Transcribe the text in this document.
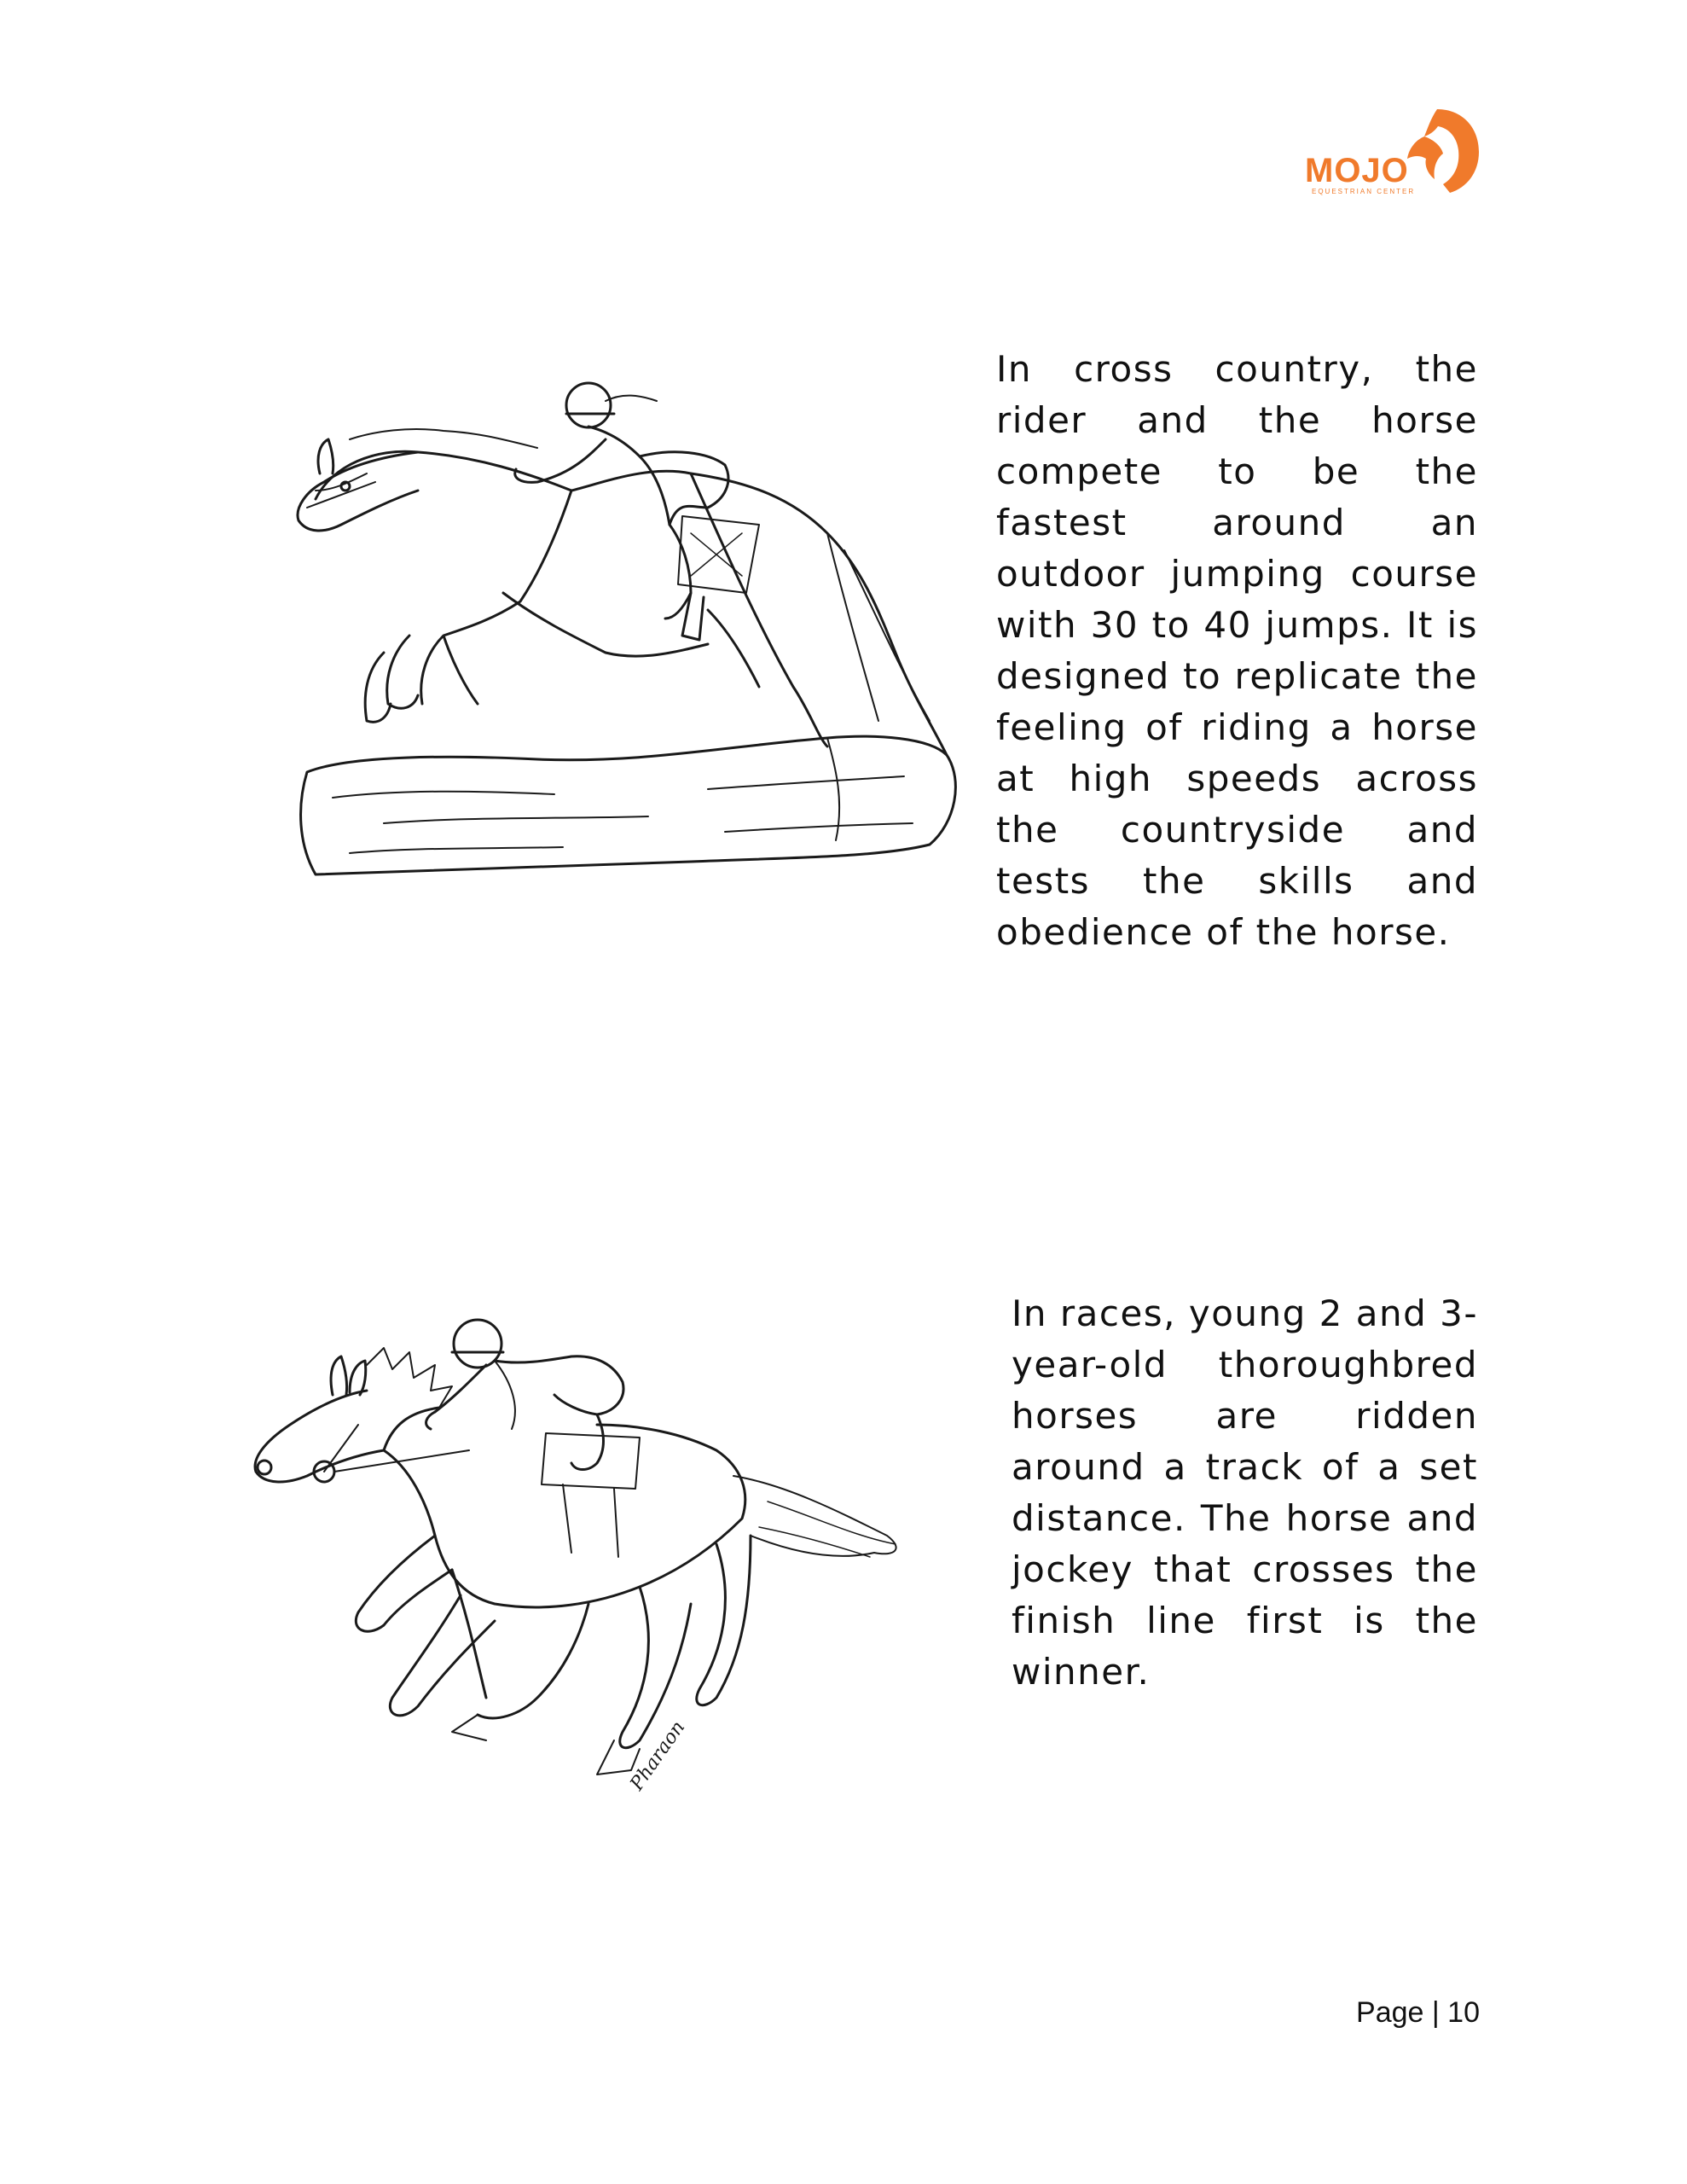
MOJO
EQUESTRIAN CENTER
In cross country, the rider and the horse compete to be the fastest around an outdoor jumping course with 30 to 40 jumps. It is designed to replicate the feeling of riding a horse at high speeds across the countryside and tests the skills and obedience of the horse.
Pharaon
In races, young 2 and 3-year-old thoroughbred horses are ridden around a track of a set distance. The horse and jockey that crosses the finish line first is the winner.
Page | 10
